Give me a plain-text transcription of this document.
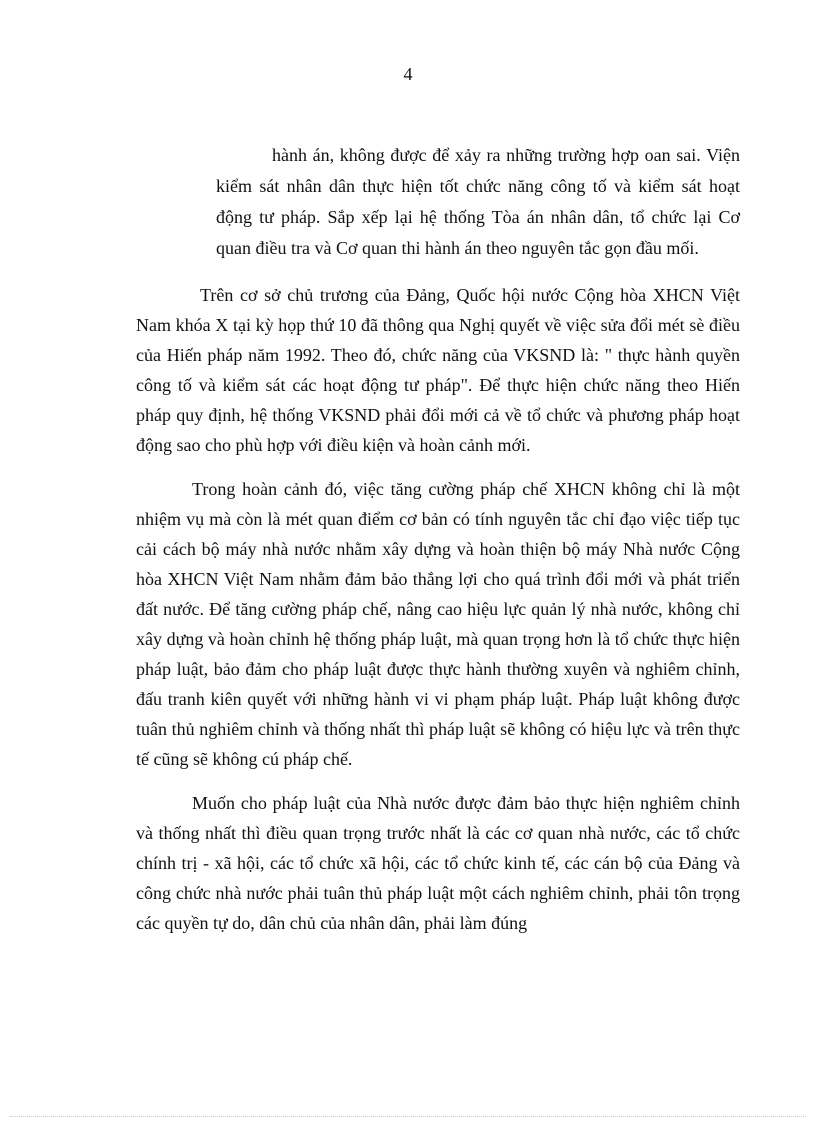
4
hành án, không được để xảy ra những trường hợp oan sai. Viện kiểm sát nhân dân thực hiện tốt chức năng công tố và kiểm sát hoạt động tư pháp. Sắp xếp lại hệ thống Tòa án nhân dân, tổ chức lại Cơ quan điều tra và Cơ quan thi hành án theo nguyên tắc gọn đầu mối.

Trên cơ sở chủ trương của Đảng, Quốc hội nước Cộng hòa XHCN Việt Nam khóa X tại kỳ họp thứ 10 đã thông qua Nghị quyết về việc sửa đổi mét sè điều của Hiến pháp năm 1992. Theo đó, chức năng của VKSND là: " thực hành quyền công tố và kiểm sát các hoạt động tư pháp". Để thực hiện chức năng theo Hiến pháp quy định, hệ thống VKSND phải đổi mới cả về tổ chức và phương pháp hoạt động sao cho phù hợp với điều kiện và hoàn cảnh mới.

Trong hoàn cảnh đó, việc tăng cường pháp chế XHCN không chỉ là một nhiệm vụ mà còn là mét quan điểm cơ bản có tính nguyên tắc chỉ đạo việc tiếp tục cải cách bộ máy nhà nước nhằm xây dựng và hoàn thiện bộ máy Nhà nước Cộng hòa XHCN Việt Nam nhằm đảm bảo thắng lợi cho quá trình đổi mới và phát triển đất nước. Để tăng cường pháp chế, nâng cao hiệu lực quản lý nhà nước, không chỉ xây dựng và hoàn chỉnh hệ thống pháp luật, mà quan trọng hơn là tổ chức thực hiện pháp luật, bảo đảm cho pháp luật được thực hành thường xuyên và nghiêm chỉnh, đấu tranh kiên quyết với những hành vi vi phạm pháp luật. Pháp luật không được tuân thủ nghiêm chỉnh và thống nhất thì pháp luật sẽ không có hiệu lực và trên thực tế cũng sẽ không cú pháp chế.

Muốn cho pháp luật của Nhà nước được đảm bảo thực hiện nghiêm chỉnh và thống nhất thì điều quan trọng trước nhất là các cơ quan nhà nước, các tổ chức chính trị - xã hội, các tổ chức xã hội, các tổ chức kinh tế, các cán bộ của Đảng và công chức nhà nước phải tuân thủ pháp luật một cách nghiêm chỉnh, phải tôn trọng các quyền tự do, dân chủ của nhân dân, phải làm đúng
